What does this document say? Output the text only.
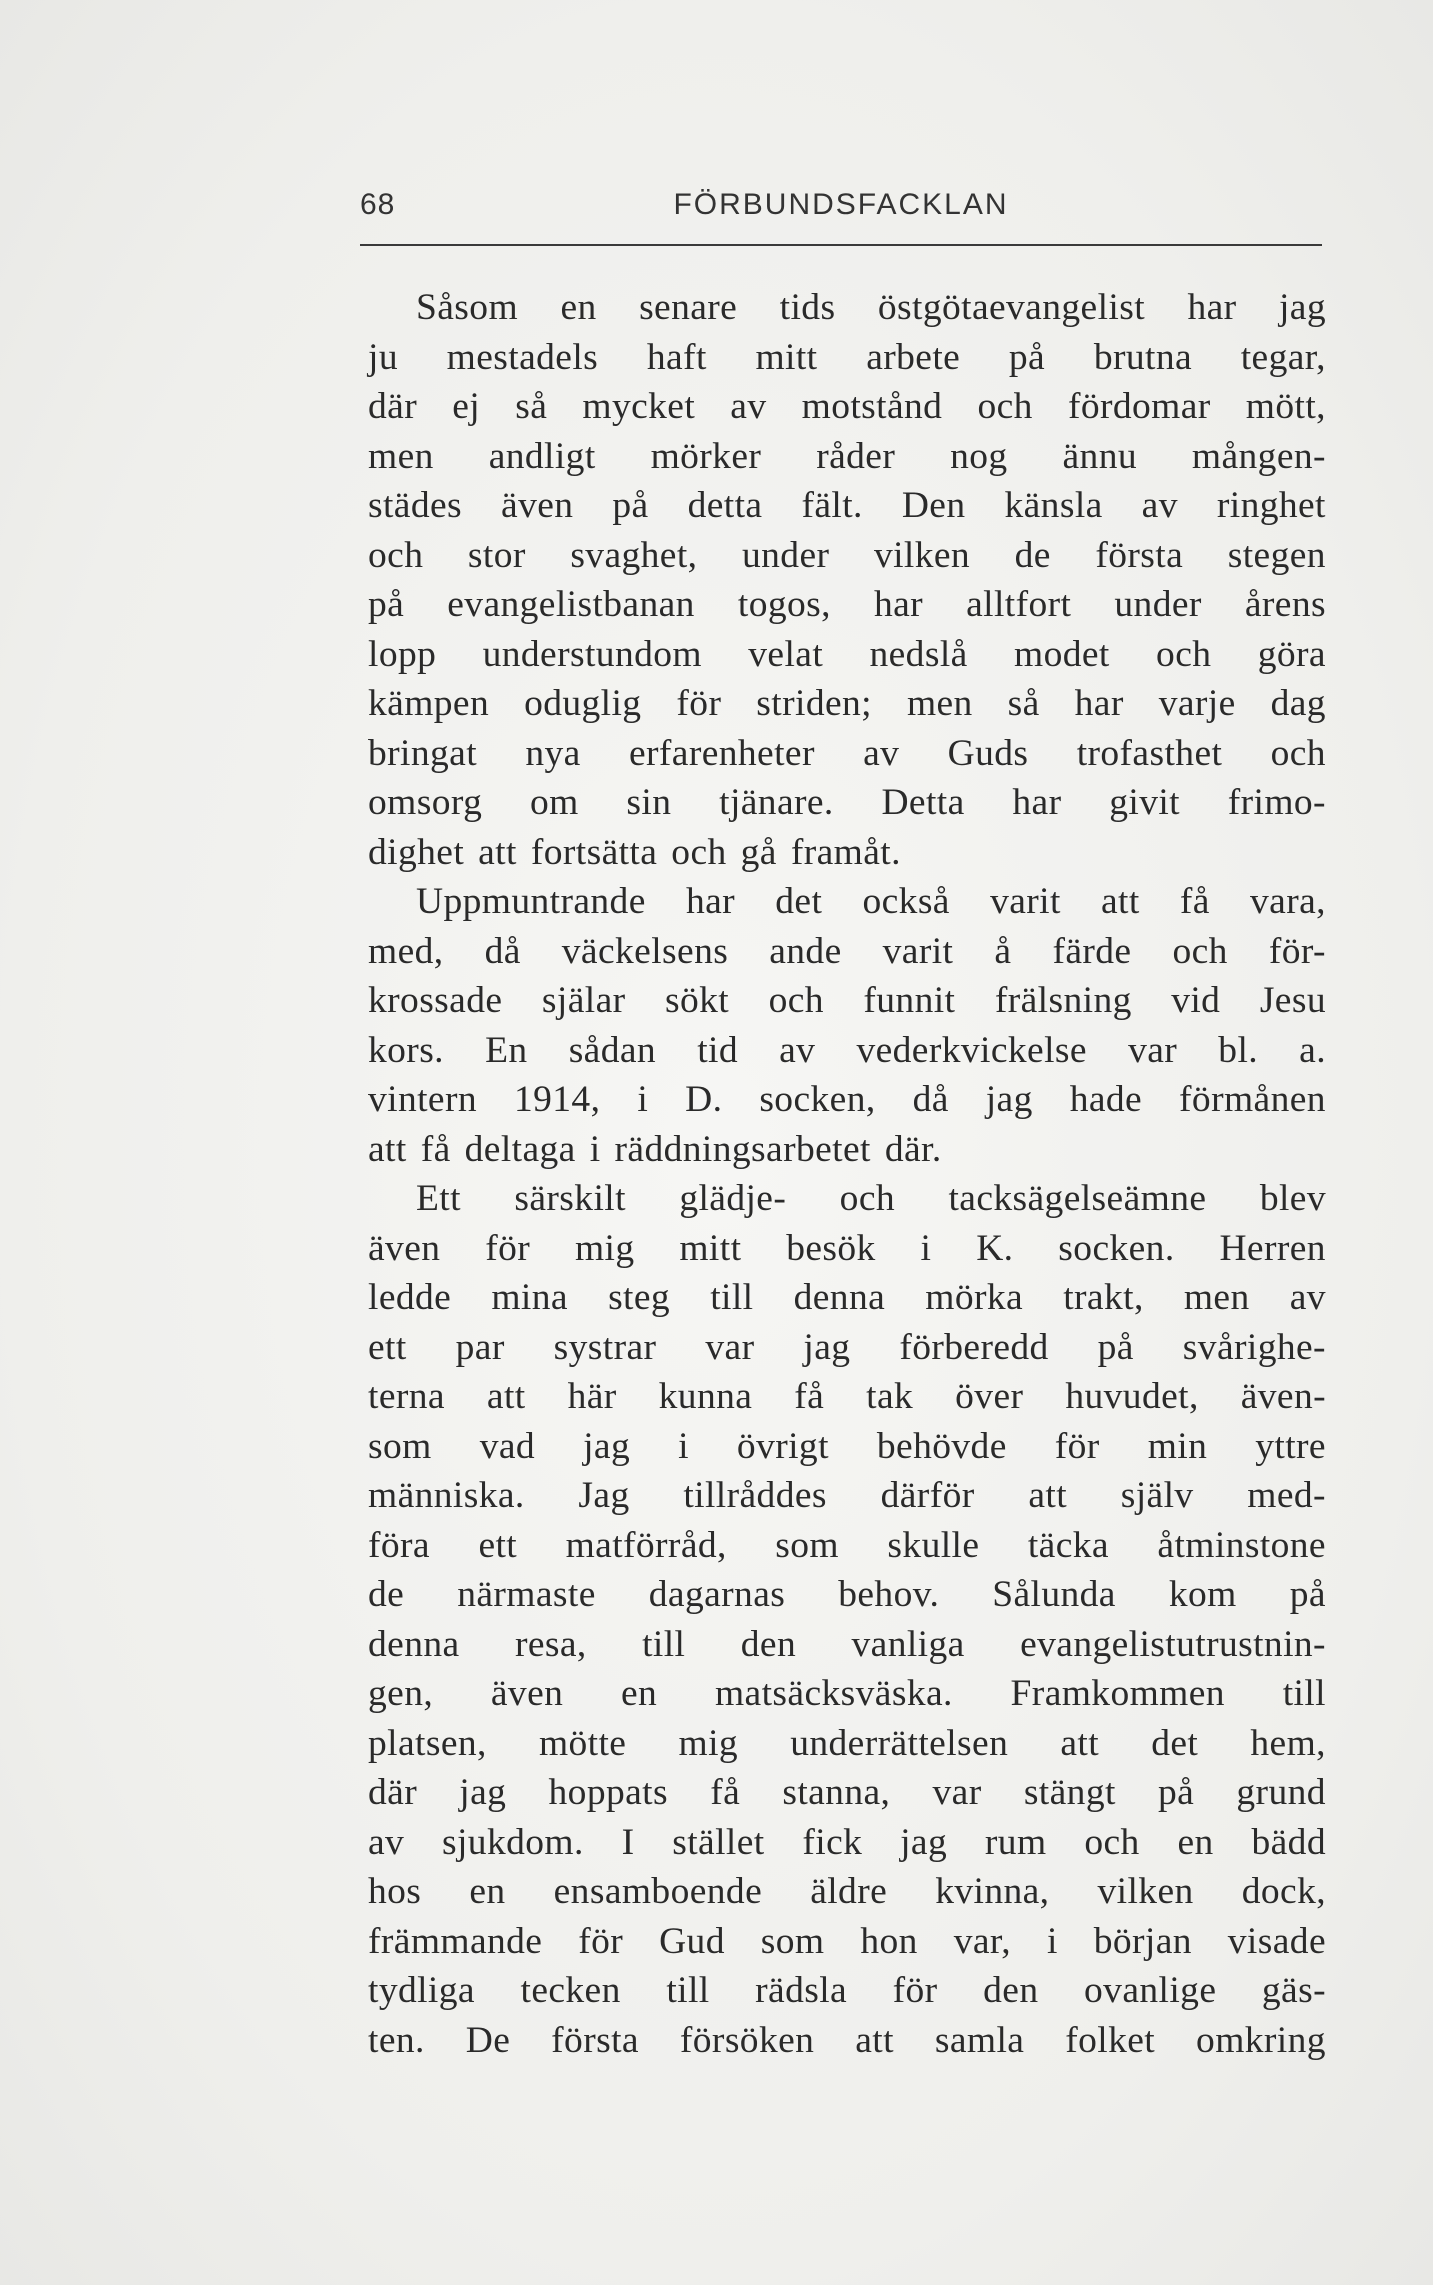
68	FÖRBUNDSFACKLAN
Såsom en senare tids östgötaevangelist har jag
ju mestadels haft mitt arbete på brutna tegar,
där ej så mycket av motstånd och fördomar mött,
men andligt mörker råder nog ännu mången-
städes även på detta fält. Den känsla av ringhet
och stor svaghet, under vilken de första stegen
på evangelistbanan togos, har alltfort under årens
lopp understundom velat nedslå modet och göra
kämpen oduglig för striden; men så har varje dag
bringat nya erfarenheter av Guds trofasthet och
omsorg om sin tjänare. Detta har givit frimo-
dighet att fortsätta och gå framåt.
Uppmuntrande har det också varit att få vara,
med, då väckelsens ande varit å färde och för-
krossade själar sökt och funnit frälsning vid Jesu
kors. En sådan tid av vederkvickelse var bl. a.
vintern 1914, i D. socken, då jag hade förmånen
att få deltaga i räddningsarbetet där.
Ett särskilt glädje- och tacksägelseämne blev
även för mig mitt besök i K. socken. Herren
ledde mina steg till denna mörka trakt, men av
ett par systrar var jag förberedd på svårighe-
terna att här kunna få tak över huvudet, även-
som vad jag i övrigt behövde för min yttre
människa. Jag tillråddes därför att själv med-
föra ett matförråd, som skulle täcka åtminstone
de närmaste dagarnas behov. Sålunda kom på
denna resa, till den vanliga evangelistutrustnin-
gen, även en matsäcksväska. Framkommen till
platsen, mötte mig underrättelsen att det hem,
där jag hoppats få stanna, var stängt på grund
av sjukdom. I stället fick jag rum och en bädd
hos en ensamboende äldre kvinna, vilken dock,
främmande för Gud som hon var, i början visade
tydliga tecken till rädsla för den ovanlige gäs-
ten. De första försöken att samla folket omkring
